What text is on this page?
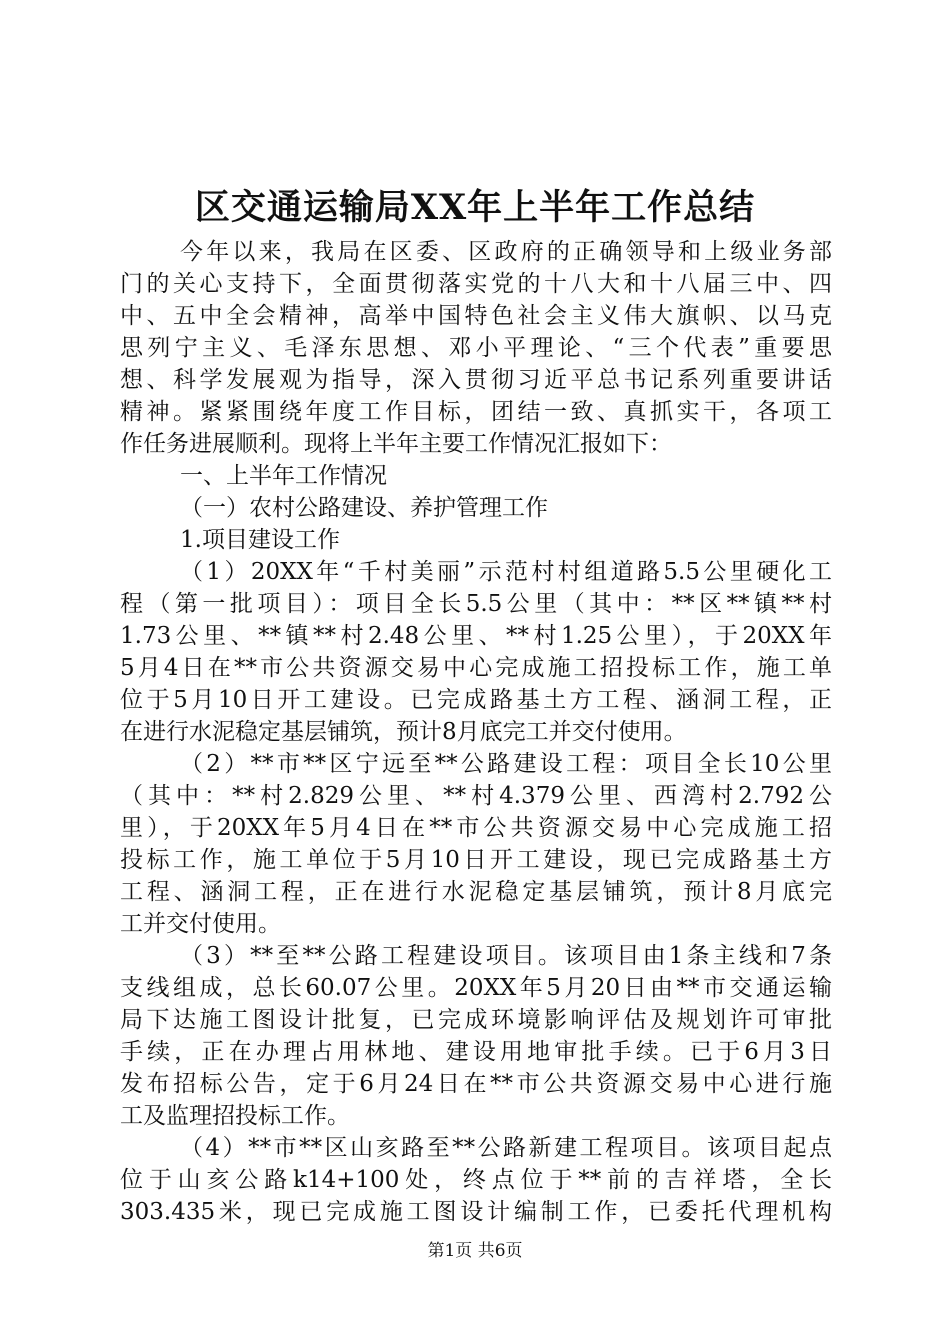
区交通运输局XX年上半年工作总结
今年以来，我局在区委、区政府的正确领导和上级业务部
门的关心支持下，全面贯彻落实党的十八大和十八届三中、四
中、五中全会精神，高举中国特色社会主义伟大旗帜、以马克
思列宁主义、毛泽东思想、邓小平理论、“三个代表”重要思
想、科学发展观为指导，深入贯彻习近平总书记系列重要讲话
精神。紧紧围绕年度工作目标，团结一致、真抓实干，各项工
作任务进展顺利。现将上半年主要工作情况汇报如下：
一、上半年工作情况
（一）农村公路建设、养护管理工作
1.项目建设工作
（1）20XX年“千村美丽”示范村村组道路5.5公里硬化工
程（第一批项目）：项目全长5.5公里（其中：**区**镇**村
1.73公里、**镇**村2.48公里、**村1.25公里），于20XX年
5月4日在**市公共资源交易中心完成施工招投标工作，施工单
位于5月10日开工建设。已完成路基土方工程、涵洞工程，正
在进行水泥稳定基层铺筑，预计8月底完工并交付使用。
（2）**市**区宁远至**公路建设工程：项目全长10公里
（其中：**村2.829公里、**村4.379公里、西湾村2.792公
里），于20XX年5月4日在**市公共资源交易中心完成施工招
投标工作，施工单位于5月10日开工建设，现已完成路基土方
工程、涵洞工程，正在进行水泥稳定基层铺筑，预计8月底完
工并交付使用。
（3）**至**公路工程建设项目。该项目由1条主线和7条
支线组成，总长60.07公里。20XX年5月20日由**市交通运输
局下达施工图设计批复，已完成环境影响评估及规划许可审批
手续，正在办理占用林地、建设用地审批手续。已于6月3日
发布招标公告，定于6月24日在**市公共资源交易中心进行施
工及监理招投标工作。
（4）**市**区山亥路至**公路新建工程项目。该项目起点
位于山亥公路k14+100处，终点位于**前的吉祥塔，全长
303.435米，现已完成施工图设计编制工作，已委托代理机构
第1页 共6页
